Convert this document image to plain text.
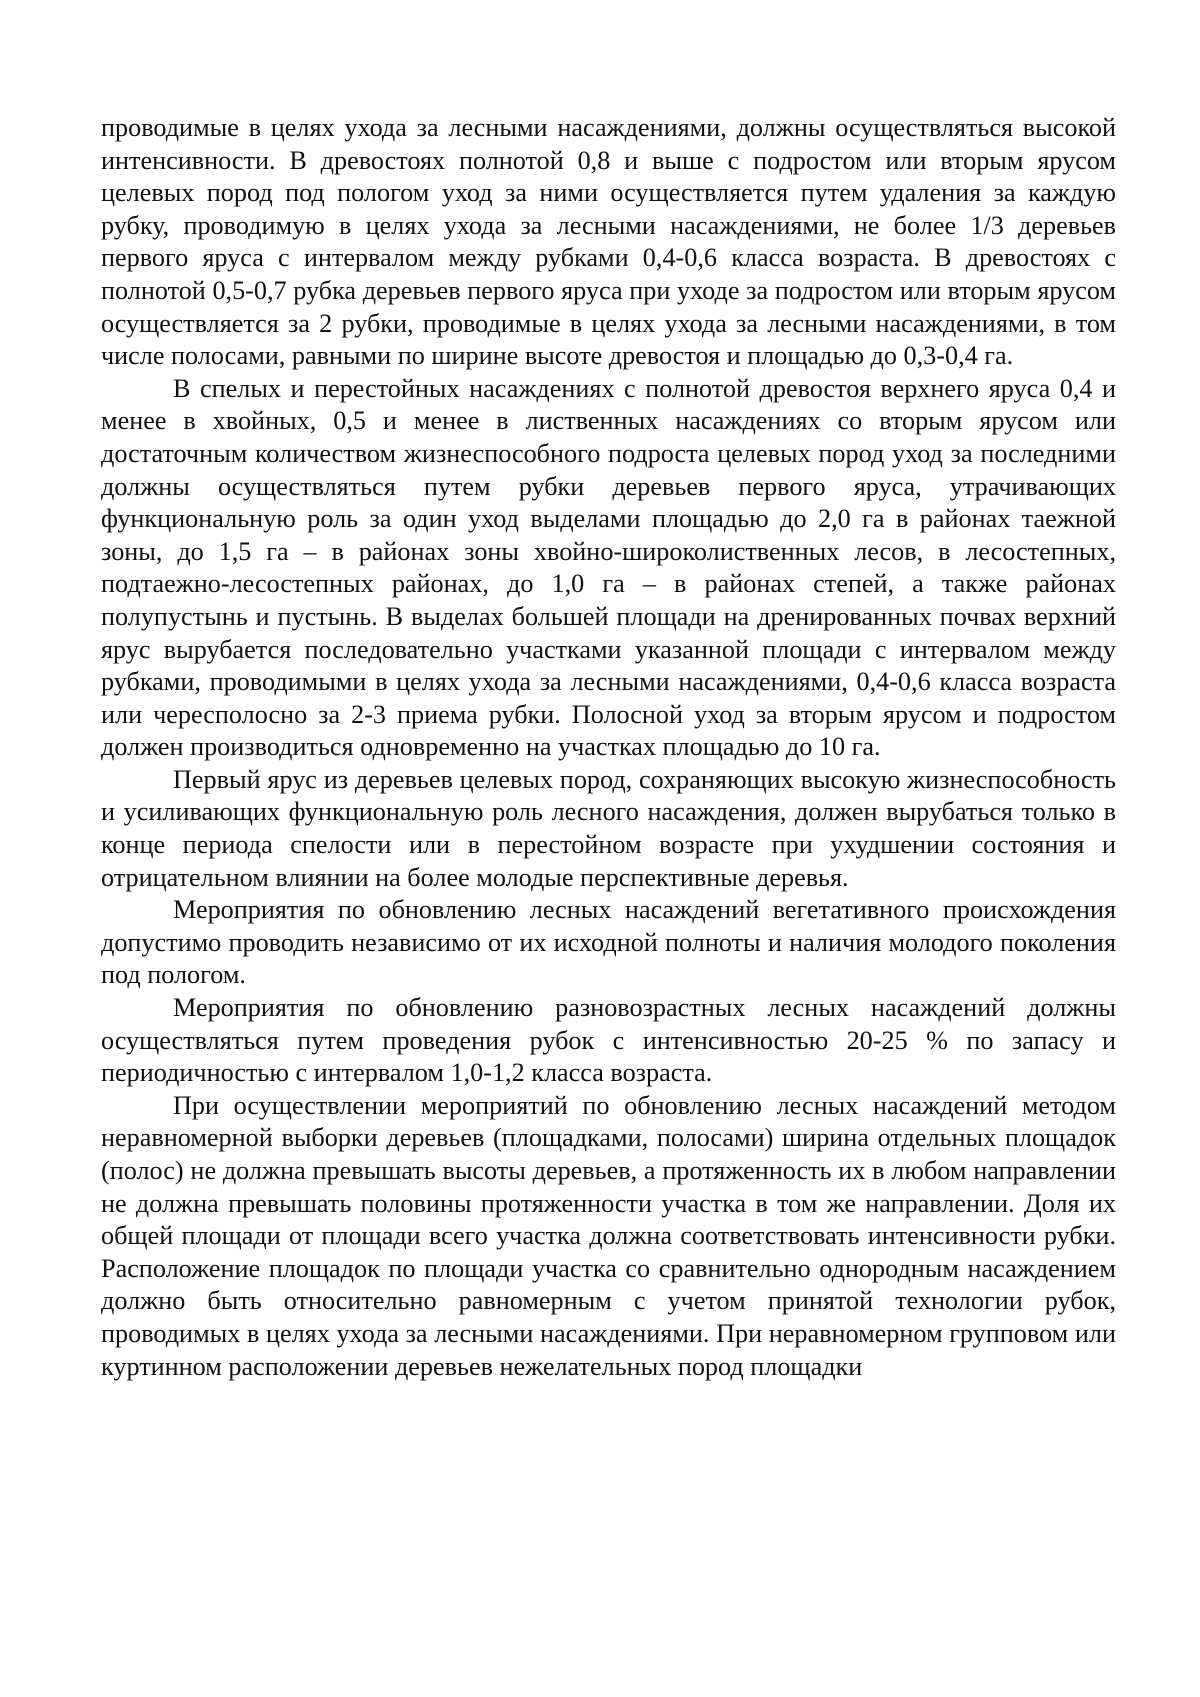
проводимые в целях ухода за лесными насаждениями, должны осуществляться высокой интенсивности. В древостоях полнотой 0,8 и выше с подростом или вторым ярусом целевых пород под пологом уход за ними осуществляется путем удаления за каждую рубку, проводимую в целях ухода за лесными насаждениями, не более 1/3 деревьев первого яруса с интервалом между рубками 0,4-0,6 класса возраста. В древостоях с полнотой 0,5-0,7 рубка деревьев первого яруса при уходе за подростом или вторым ярусом осуществляется за 2 рубки, проводимые в целях ухода за лесными насаждениями, в том числе полосами, равными по ширине высоте древостоя и площадью до 0,3-0,4 га.

В спелых и перестойных насаждениях с полнотой древостоя верхнего яруса 0,4 и менее в хвойных, 0,5 и менее в лиственных насаждениях со вторым ярусом или достаточным количеством жизнеспособного подроста целевых пород уход за последними должны осуществляться путем рубки деревьев первого яруса, утрачивающих функциональную роль за один уход выделами площадью до 2,0 га в районах таежной зоны, до 1,5 га – в районах зоны хвойно-широколиственных лесов, в лесостепных, подтаежно-лесостепных районах, до 1,0 га – в районах степей, а также районах полупустынь и пустынь. В выделах большей площади на дренированных почвах верхний ярус вырубается последовательно участками указанной площади с интервалом между рубками, проводимыми в целях ухода за лесными насаждениями, 0,4-0,6 класса возраста или чересполосно за 2-3 приема рубки. Полосной уход за вторым ярусом и подростом должен производиться одновременно на участках площадью до 10 га.

Первый ярус из деревьев целевых пород, сохраняющих высокую жизнеспособность и усиливающих функциональную роль лесного насаждения, должен вырубаться только в конце периода спелости или в перестойном возрасте при ухудшении состояния и отрицательном влиянии на более молодые перспективные деревья.

Мероприятия по обновлению лесных насаждений вегетативного происхождения допустимо проводить независимо от их исходной полноты и наличия молодого поколения под пологом.

Мероприятия по обновлению разновозрастных лесных насаждений должны осуществляться путем проведения рубок с интенсивностью 20-25 % по запасу и периодичностью с интервалом 1,0-1,2 класса возраста.

При осуществлении мероприятий по обновлению лесных насаждений методом неравномерной выборки деревьев (площадками, полосами) ширина отдельных площадок (полос) не должна превышать высоты деревьев, а протяженность их в любом направлении не должна превышать половины протяженности участка в том же направлении. Доля их общей площади от площади всего участка должна соответствовать интенсивности рубки. Расположение площадок по площади участка со сравнительно однородным насаждением должно быть относительно равномерным с учетом принятой технологии рубок, проводимых в целях ухода за лесными насаждениями. При неравномерном групповом или куртинном расположении деревьев нежелательных пород площадки
